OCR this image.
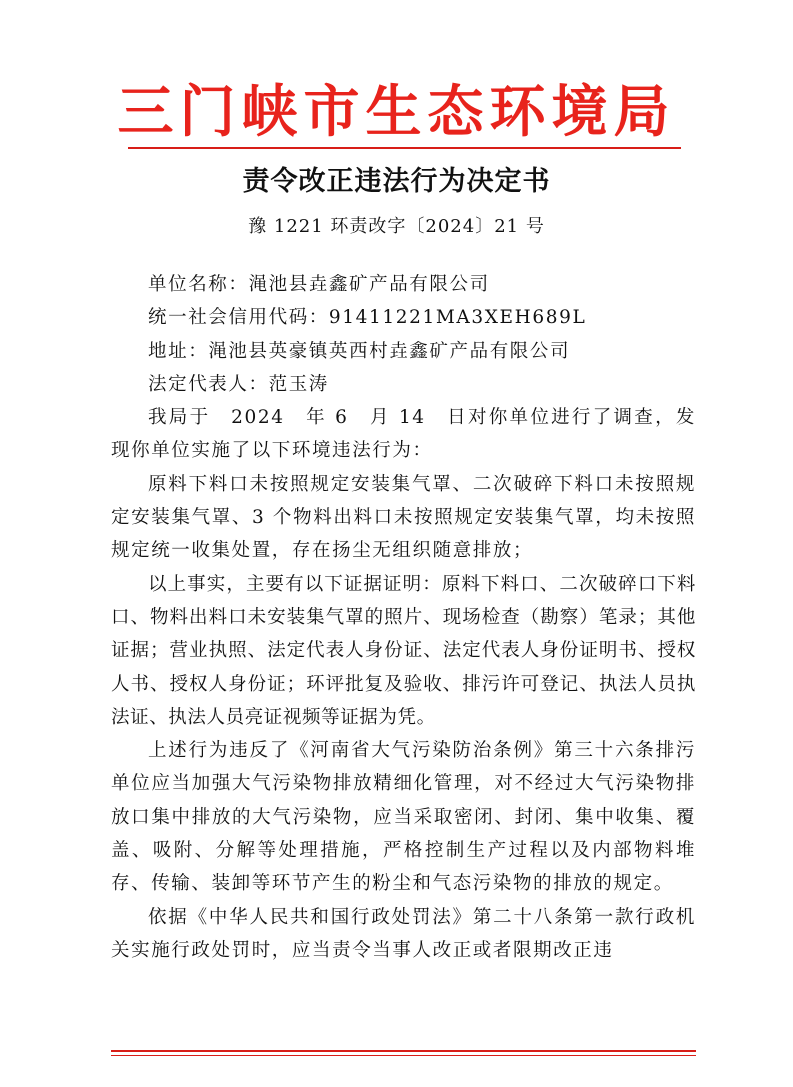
三门峡市生态环境局
责令改正违法行为决定书
豫 1221 环责改字〔2024〕21 号

单位名称：渑池县垚鑫矿产品有限公司

统一社会信用代码：91411221MA3XEH689L

地址：渑池县英豪镇英西村垚鑫矿产品有限公司

法定代表人：范玉涛

我局于　2024　年 6　月 14　日对你单位进行了调查，发现你单位实施了以下环境违法行为：

原料下料口未按照规定安装集气罩、二次破碎下料口未按照规定安装集气罩、3 个物料出料口未按照规定安装集气罩，均未按照规定统一收集处置，存在扬尘无组织随意排放；

以上事实，主要有以下证据证明：原料下料口、二次破碎口下料口、物料出料口未安装集气罩的照片、现场检查（勘察）笔录；其他证据；营业执照、法定代表人身份证、法定代表人身份证明书、授权人书、授权人身份证；环评批复及验收、排污许可登记、执法人员执法证、执法人员亮证视频等证据为凭。

上述行为违反了《河南省大气污染防治条例》第三十六条排污单位应当加强大气污染物排放精细化管理，对不经过大气污染物排放口集中排放的大气污染物，应当采取密闭、封闭、集中收集、覆盖、吸附、分解等处理措施，严格控制生产过程以及内部物料堆存、传输、装卸等环节产生的粉尘和气态污染物的排放的规定。

依据《中华人民共和国行政处罚法》第二十八条第一款行政机关实施行政处罚时，应当责令当事人改正或者限期改正违
